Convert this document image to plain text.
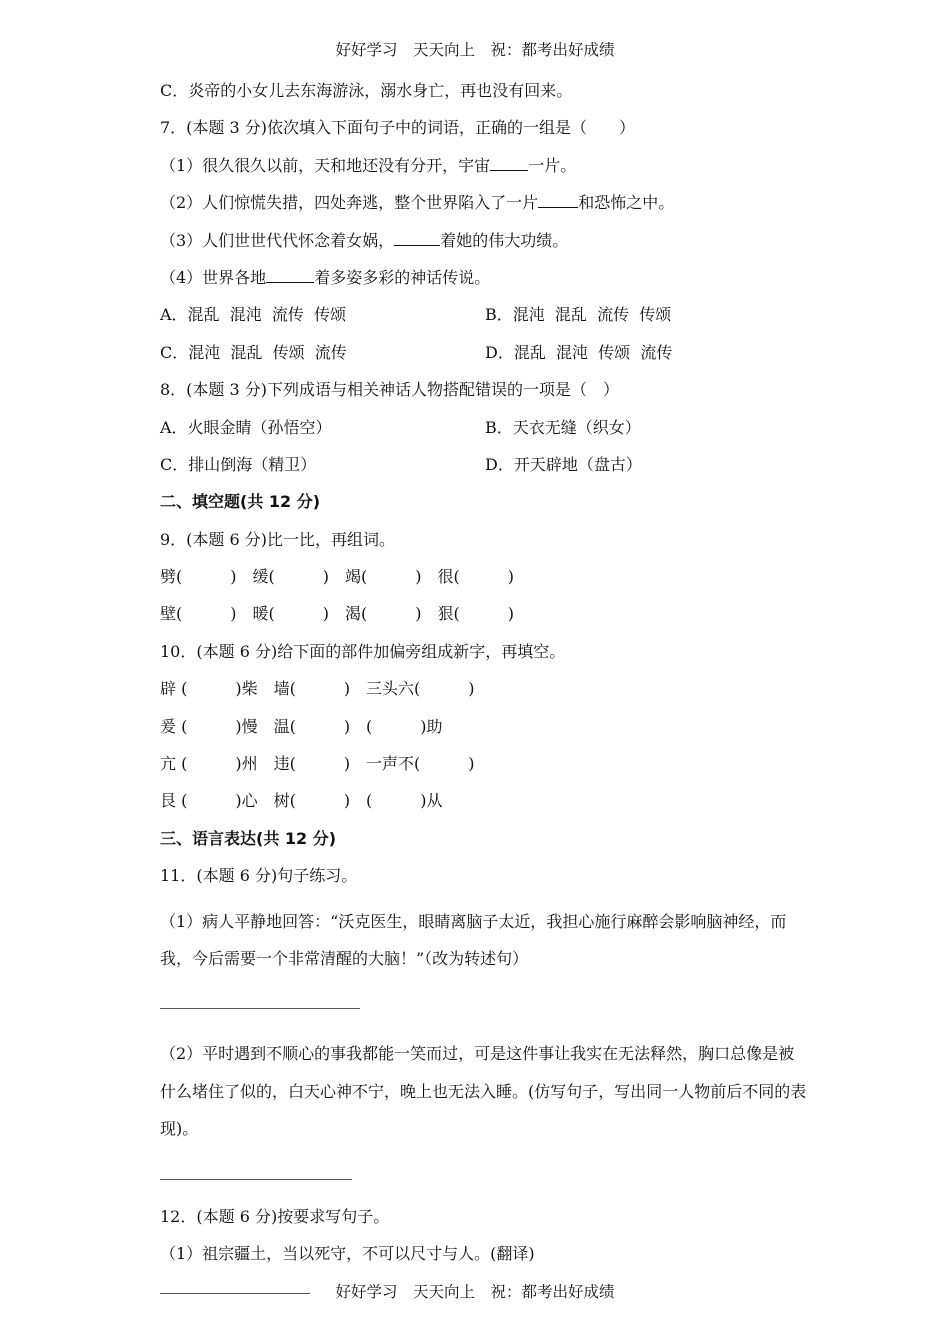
好好学习　天天向上　祝：都考出好成绩
C．炎帝的小女儿去东海游泳，溺水身亡，再也没有回来。
7．(本题 3 分)依次填入下面句子中的词语，正确的一组是（　　）
（1）很久很久以前，天和地还没有分开，宇宙 一片。
（2）人们惊慌失措，四处奔逃，整个世界陷入了一片	和恐怖之中。
（3）人们世世代代怀念着女娲，	着她的伟大功绩。
（4）世界各地	着多姿多彩的神话传说。
A．混乱  混沌  流传  传颂	B．混沌  混乱  流传  传颂
C．混沌  混乱  传颂  流传	D．混乱  混沌  传颂  流传
8．(本题 3 分)下列成语与相关神话人物搭配错误的一项是（　）
A．火眼金睛（孙悟空）	B．天衣无缝（织女）
C．排山倒海（精卫）	D．开天辟地（盘古）
二、填空题(共 12 分)
9．(本题 6 分)比一比，再组词。
劈(　　　)　缓(　　　)　竭(　　　)　很(　　　)
壁(　　　)　暖(　　　)　渴(　　　)　狠(　　　)
10．(本题 6 分)给下面的部件加偏旁组成新字，再填空。
辟 (　　　)柴　墙(　　　)　三头六(　　　)
爰 (　　　)慢　温(　　　)　(　　　)助
亢 (　　　)州　违(　　　)　一声不(　　　)
艮 (　　　)心　树(　　　)　(　　　)从
三、语言表达(共 12 分)
11．(本题 6 分)句子练习。
（1）病人平静地回答：“沃克医生，眼睛离脑子太近，我担心施行麻醉会影响脑神经，而我，今后需要一个非常清醒的大脑！”（改为转述句）
（2）平时遇到不顺心的事我都能一笑而过，可是这件事让我实在无法释然，胸口总像是被什么堵住了似的，白天心神不宁，晚上也无法入睡。(仿写句子，写出同一人物前后不同的表现)。
12．(本题 6 分)按要求写句子。
（1）祖宗疆土，当以死守，不可以尺寸与人。(翻译)
好好学习　天天向上　祝：都考出好成绩
